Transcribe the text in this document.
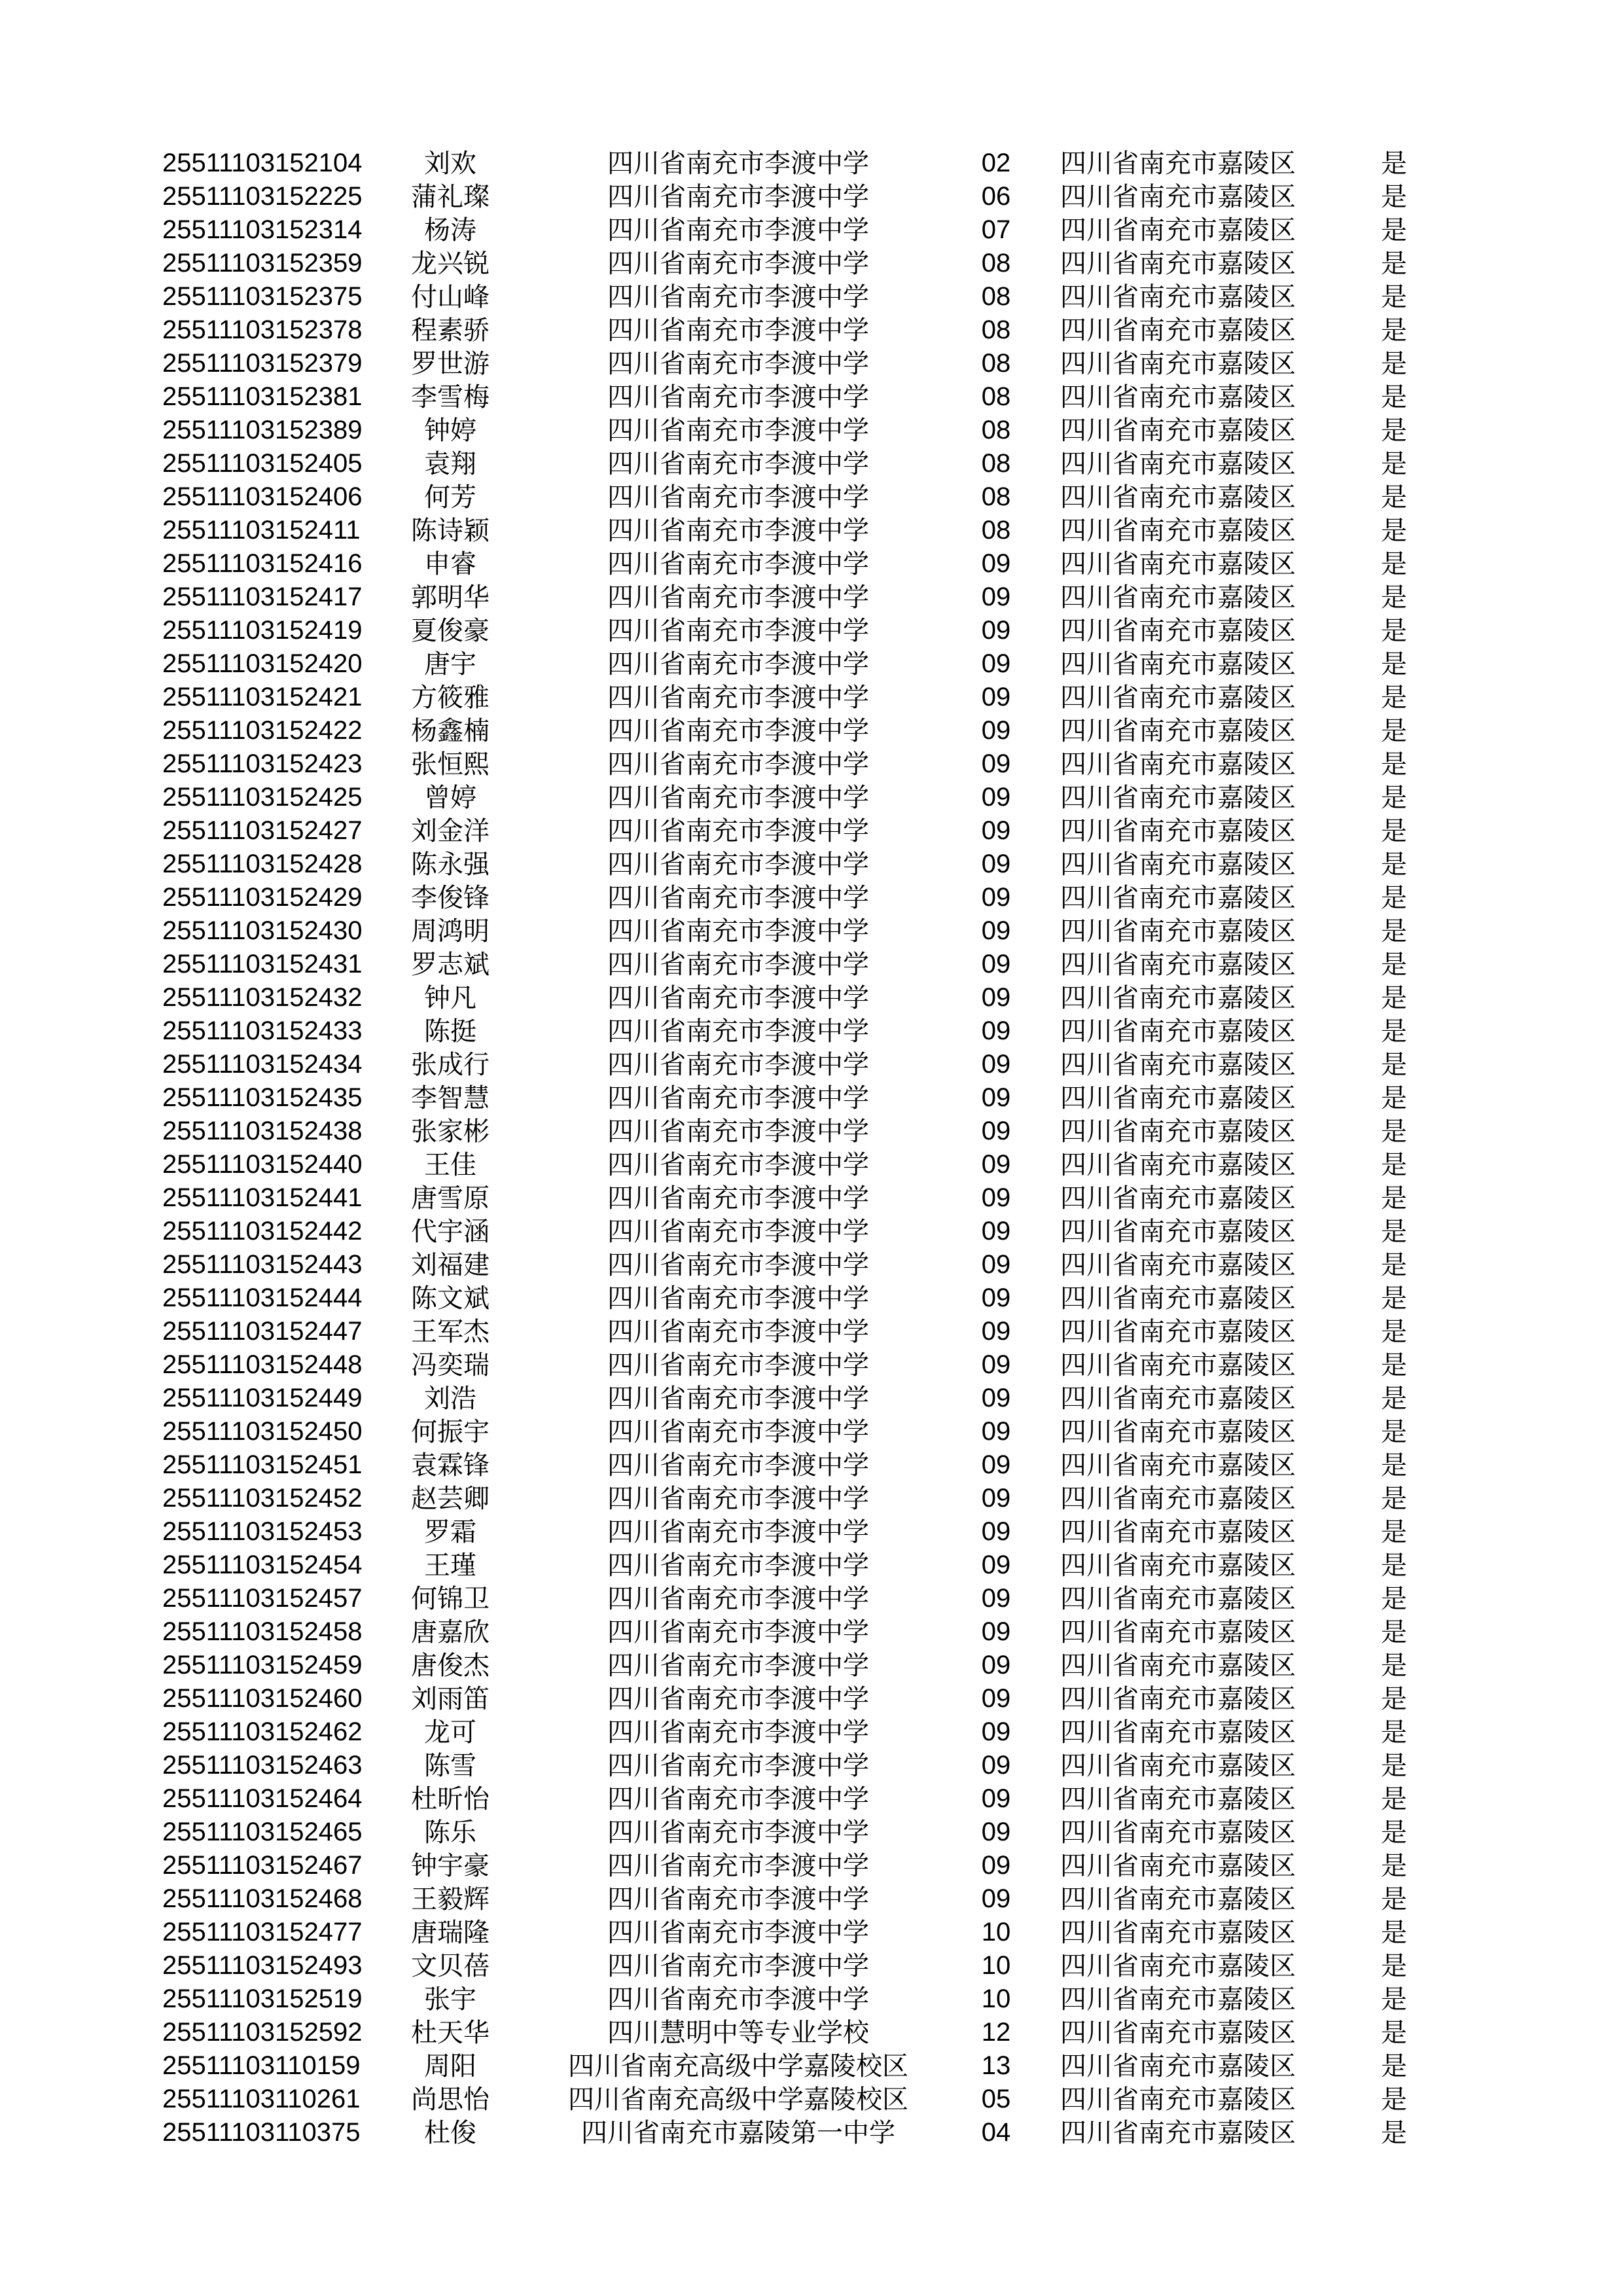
25511103152104	刘欢	四川省南充市李渡中学	02	四川省南充市嘉陵区	是
25511103152225	蒲礼璨	四川省南充市李渡中学	06	四川省南充市嘉陵区	是
25511103152314	杨涛	四川省南充市李渡中学	07	四川省南充市嘉陵区	是
25511103152359	龙兴锐	四川省南充市李渡中学	08	四川省南充市嘉陵区	是
25511103152375	付山峰	四川省南充市李渡中学	08	四川省南充市嘉陵区	是
25511103152378	程素骄	四川省南充市李渡中学	08	四川省南充市嘉陵区	是
25511103152379	罗世游	四川省南充市李渡中学	08	四川省南充市嘉陵区	是
25511103152381	李雪梅	四川省南充市李渡中学	08	四川省南充市嘉陵区	是
25511103152389	钟婷	四川省南充市李渡中学	08	四川省南充市嘉陵区	是
25511103152405	袁翔	四川省南充市李渡中学	08	四川省南充市嘉陵区	是
25511103152406	何芳	四川省南充市李渡中学	08	四川省南充市嘉陵区	是
25511103152411	陈诗颖	四川省南充市李渡中学	08	四川省南充市嘉陵区	是
25511103152416	申睿	四川省南充市李渡中学	09	四川省南充市嘉陵区	是
25511103152417	郭明华	四川省南充市李渡中学	09	四川省南充市嘉陵区	是
25511103152419	夏俊豪	四川省南充市李渡中学	09	四川省南充市嘉陵区	是
25511103152420	唐宇	四川省南充市李渡中学	09	四川省南充市嘉陵区	是
25511103152421	方筱雅	四川省南充市李渡中学	09	四川省南充市嘉陵区	是
25511103152422	杨鑫楠	四川省南充市李渡中学	09	四川省南充市嘉陵区	是
25511103152423	张恒熙	四川省南充市李渡中学	09	四川省南充市嘉陵区	是
25511103152425	曾婷	四川省南充市李渡中学	09	四川省南充市嘉陵区	是
25511103152427	刘金洋	四川省南充市李渡中学	09	四川省南充市嘉陵区	是
25511103152428	陈永强	四川省南充市李渡中学	09	四川省南充市嘉陵区	是
25511103152429	李俊锋	四川省南充市李渡中学	09	四川省南充市嘉陵区	是
25511103152430	周鸿明	四川省南充市李渡中学	09	四川省南充市嘉陵区	是
25511103152431	罗志斌	四川省南充市李渡中学	09	四川省南充市嘉陵区	是
25511103152432	钟凡	四川省南充市李渡中学	09	四川省南充市嘉陵区	是
25511103152433	陈挺	四川省南充市李渡中学	09	四川省南充市嘉陵区	是
25511103152434	张成行	四川省南充市李渡中学	09	四川省南充市嘉陵区	是
25511103152435	李智慧	四川省南充市李渡中学	09	四川省南充市嘉陵区	是
25511103152438	张家彬	四川省南充市李渡中学	09	四川省南充市嘉陵区	是
25511103152440	王佳	四川省南充市李渡中学	09	四川省南充市嘉陵区	是
25511103152441	唐雪原	四川省南充市李渡中学	09	四川省南充市嘉陵区	是
25511103152442	代宇涵	四川省南充市李渡中学	09	四川省南充市嘉陵区	是
25511103152443	刘福建	四川省南充市李渡中学	09	四川省南充市嘉陵区	是
25511103152444	陈文斌	四川省南充市李渡中学	09	四川省南充市嘉陵区	是
25511103152447	王军杰	四川省南充市李渡中学	09	四川省南充市嘉陵区	是
25511103152448	冯奕瑞	四川省南充市李渡中学	09	四川省南充市嘉陵区	是
25511103152449	刘浩	四川省南充市李渡中学	09	四川省南充市嘉陵区	是
25511103152450	何振宇	四川省南充市李渡中学	09	四川省南充市嘉陵区	是
25511103152451	袁霖锋	四川省南充市李渡中学	09	四川省南充市嘉陵区	是
25511103152452	赵芸卿	四川省南充市李渡中学	09	四川省南充市嘉陵区	是
25511103152453	罗霜	四川省南充市李渡中学	09	四川省南充市嘉陵区	是
25511103152454	王瑾	四川省南充市李渡中学	09	四川省南充市嘉陵区	是
25511103152457	何锦卫	四川省南充市李渡中学	09	四川省南充市嘉陵区	是
25511103152458	唐嘉欣	四川省南充市李渡中学	09	四川省南充市嘉陵区	是
25511103152459	唐俊杰	四川省南充市李渡中学	09	四川省南充市嘉陵区	是
25511103152460	刘雨笛	四川省南充市李渡中学	09	四川省南充市嘉陵区	是
25511103152462	龙可	四川省南充市李渡中学	09	四川省南充市嘉陵区	是
25511103152463	陈雪	四川省南充市李渡中学	09	四川省南充市嘉陵区	是
25511103152464	杜昕怡	四川省南充市李渡中学	09	四川省南充市嘉陵区	是
25511103152465	陈乐	四川省南充市李渡中学	09	四川省南充市嘉陵区	是
25511103152467	钟宇豪	四川省南充市李渡中学	09	四川省南充市嘉陵区	是
25511103152468	王毅辉	四川省南充市李渡中学	09	四川省南充市嘉陵区	是
25511103152477	唐瑞隆	四川省南充市李渡中学	10	四川省南充市嘉陵区	是
25511103152493	文贝蓓	四川省南充市李渡中学	10	四川省南充市嘉陵区	是
25511103152519	张宇	四川省南充市李渡中学	10	四川省南充市嘉陵区	是
25511103152592	杜天华	四川慧明中等专业学校	12	四川省南充市嘉陵区	是
25511103110159	周阳	四川省南充高级中学嘉陵校区	13	四川省南充市嘉陵区	是
25511103110261	尚思怡	四川省南充高级中学嘉陵校区	05	四川省南充市嘉陵区	是
25511103110375	杜俊	四川省南充市嘉陵第一中学	04	四川省南充市嘉陵区	是
